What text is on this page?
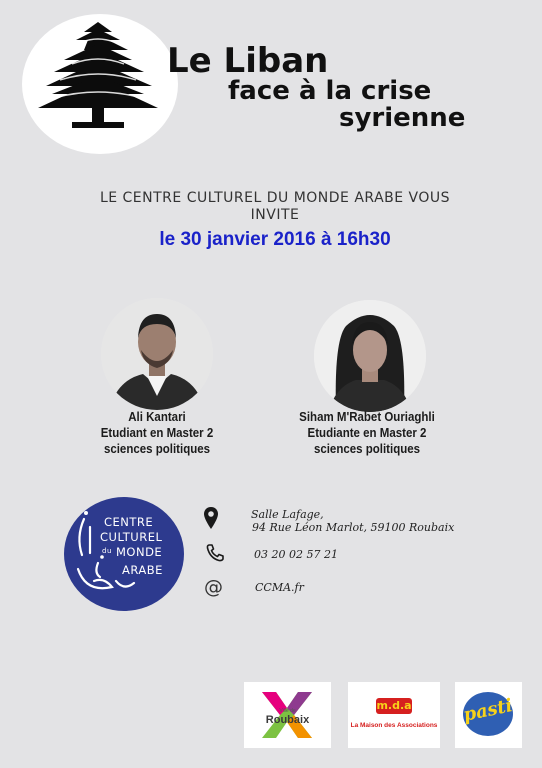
Le Liban
face à la crise
syrienne
LE CENTRE CULTUREL DU MONDE ARABE VOUS
INVITE
le 30 janvier 2016 à 16h30
Ali Kantari
Etudiant en Master 2
sciences politiques
Siham M'Rabet Ouriaghli
Etudiante en Master 2
sciences politiques
CENTRE
CULTUREL
du MONDE
ARABE
@
Salle Lafage,
94 Rue Léon Marlot, 59100 Roubaix
03 20 02 57 21
CCMA.fr
Ville de
Roubaix
m.d.a
La Maison des Associations pasti
